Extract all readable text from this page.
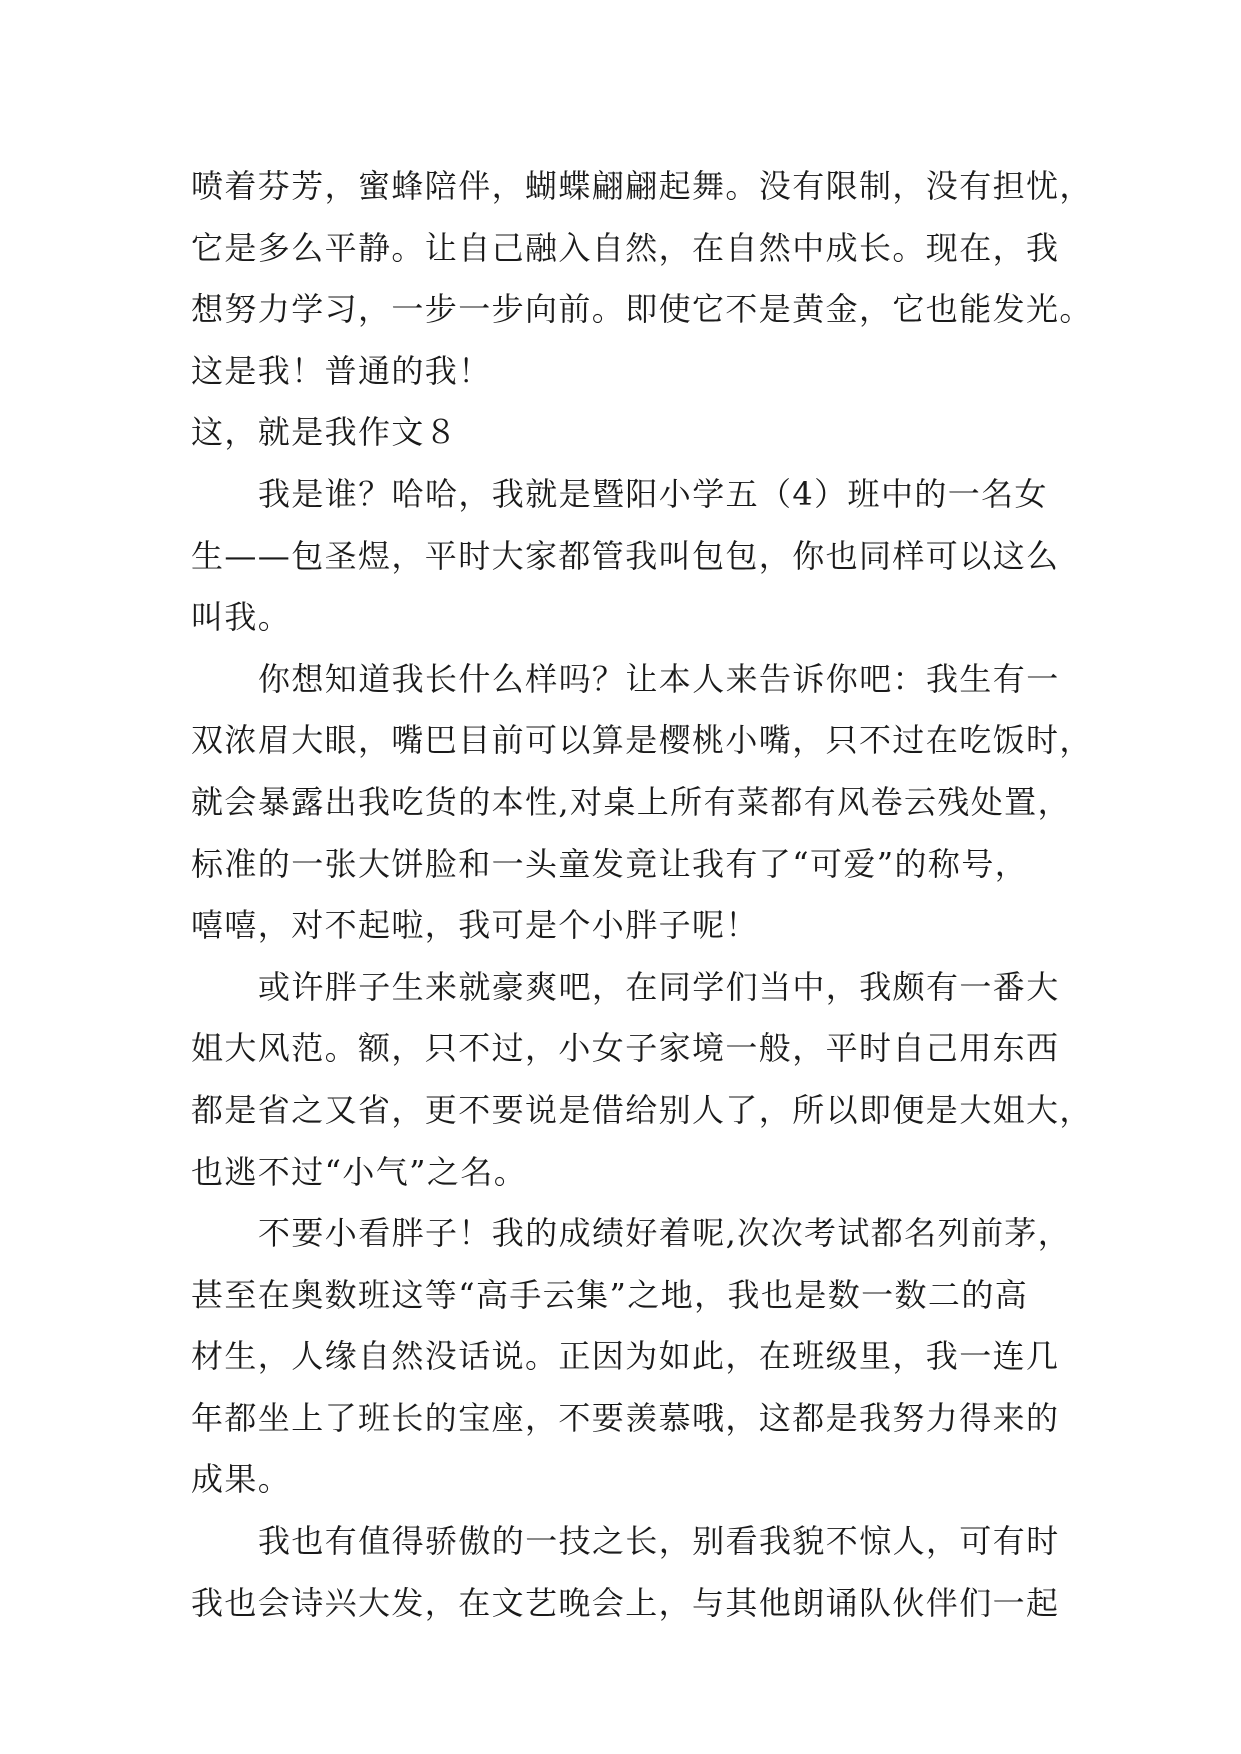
喷着芬芳，蜜蜂陪伴，蝴蝶翩翩起舞。没有限制，没有担忧，
它是多么平静。让自己融入自然，在自然中成长。现在，我
想努力学习，一步一步向前。即使它不是黄金，它也能发光。
这是我！普通的我！
这，就是我作文８
我是谁？哈哈，我就是暨阳小学五（4）班中的一名女
生——包圣煜，平时大家都管我叫包包，你也同样可以这么
叫我。
你想知道我长什么样吗？让本人来告诉你吧：我生有一
双浓眉大眼，嘴巴目前可以算是樱桃小嘴，只不过在吃饭时，
就会暴露出我吃货的本性,对桌上所有菜都有风卷云残处置，
标准的一张大饼脸和一头童发竟让我有了“可爱”的称号，
嘻嘻，对不起啦，我可是个小胖子呢！
或许胖子生来就豪爽吧，在同学们当中，我颇有一番大
姐大风范。额，只不过，小女子家境一般，平时自己用东西
都是省之又省，更不要说是借给别人了，所以即便是大姐大，
也逃不过“小气”之名。
不要小看胖子！我的成绩好着呢,次次考试都名列前茅，
甚至在奥数班这等“高手云集”之地，我也是数一数二的高
材生，人缘自然没话说。正因为如此，在班级里，我一连几
年都坐上了班长的宝座，不要羡慕哦，这都是我努力得来的
成果。
我也有值得骄傲的一技之长，别看我貌不惊人，可有时
我也会诗兴大发，在文艺晚会上，与其他朗诵队伙伴们一起
